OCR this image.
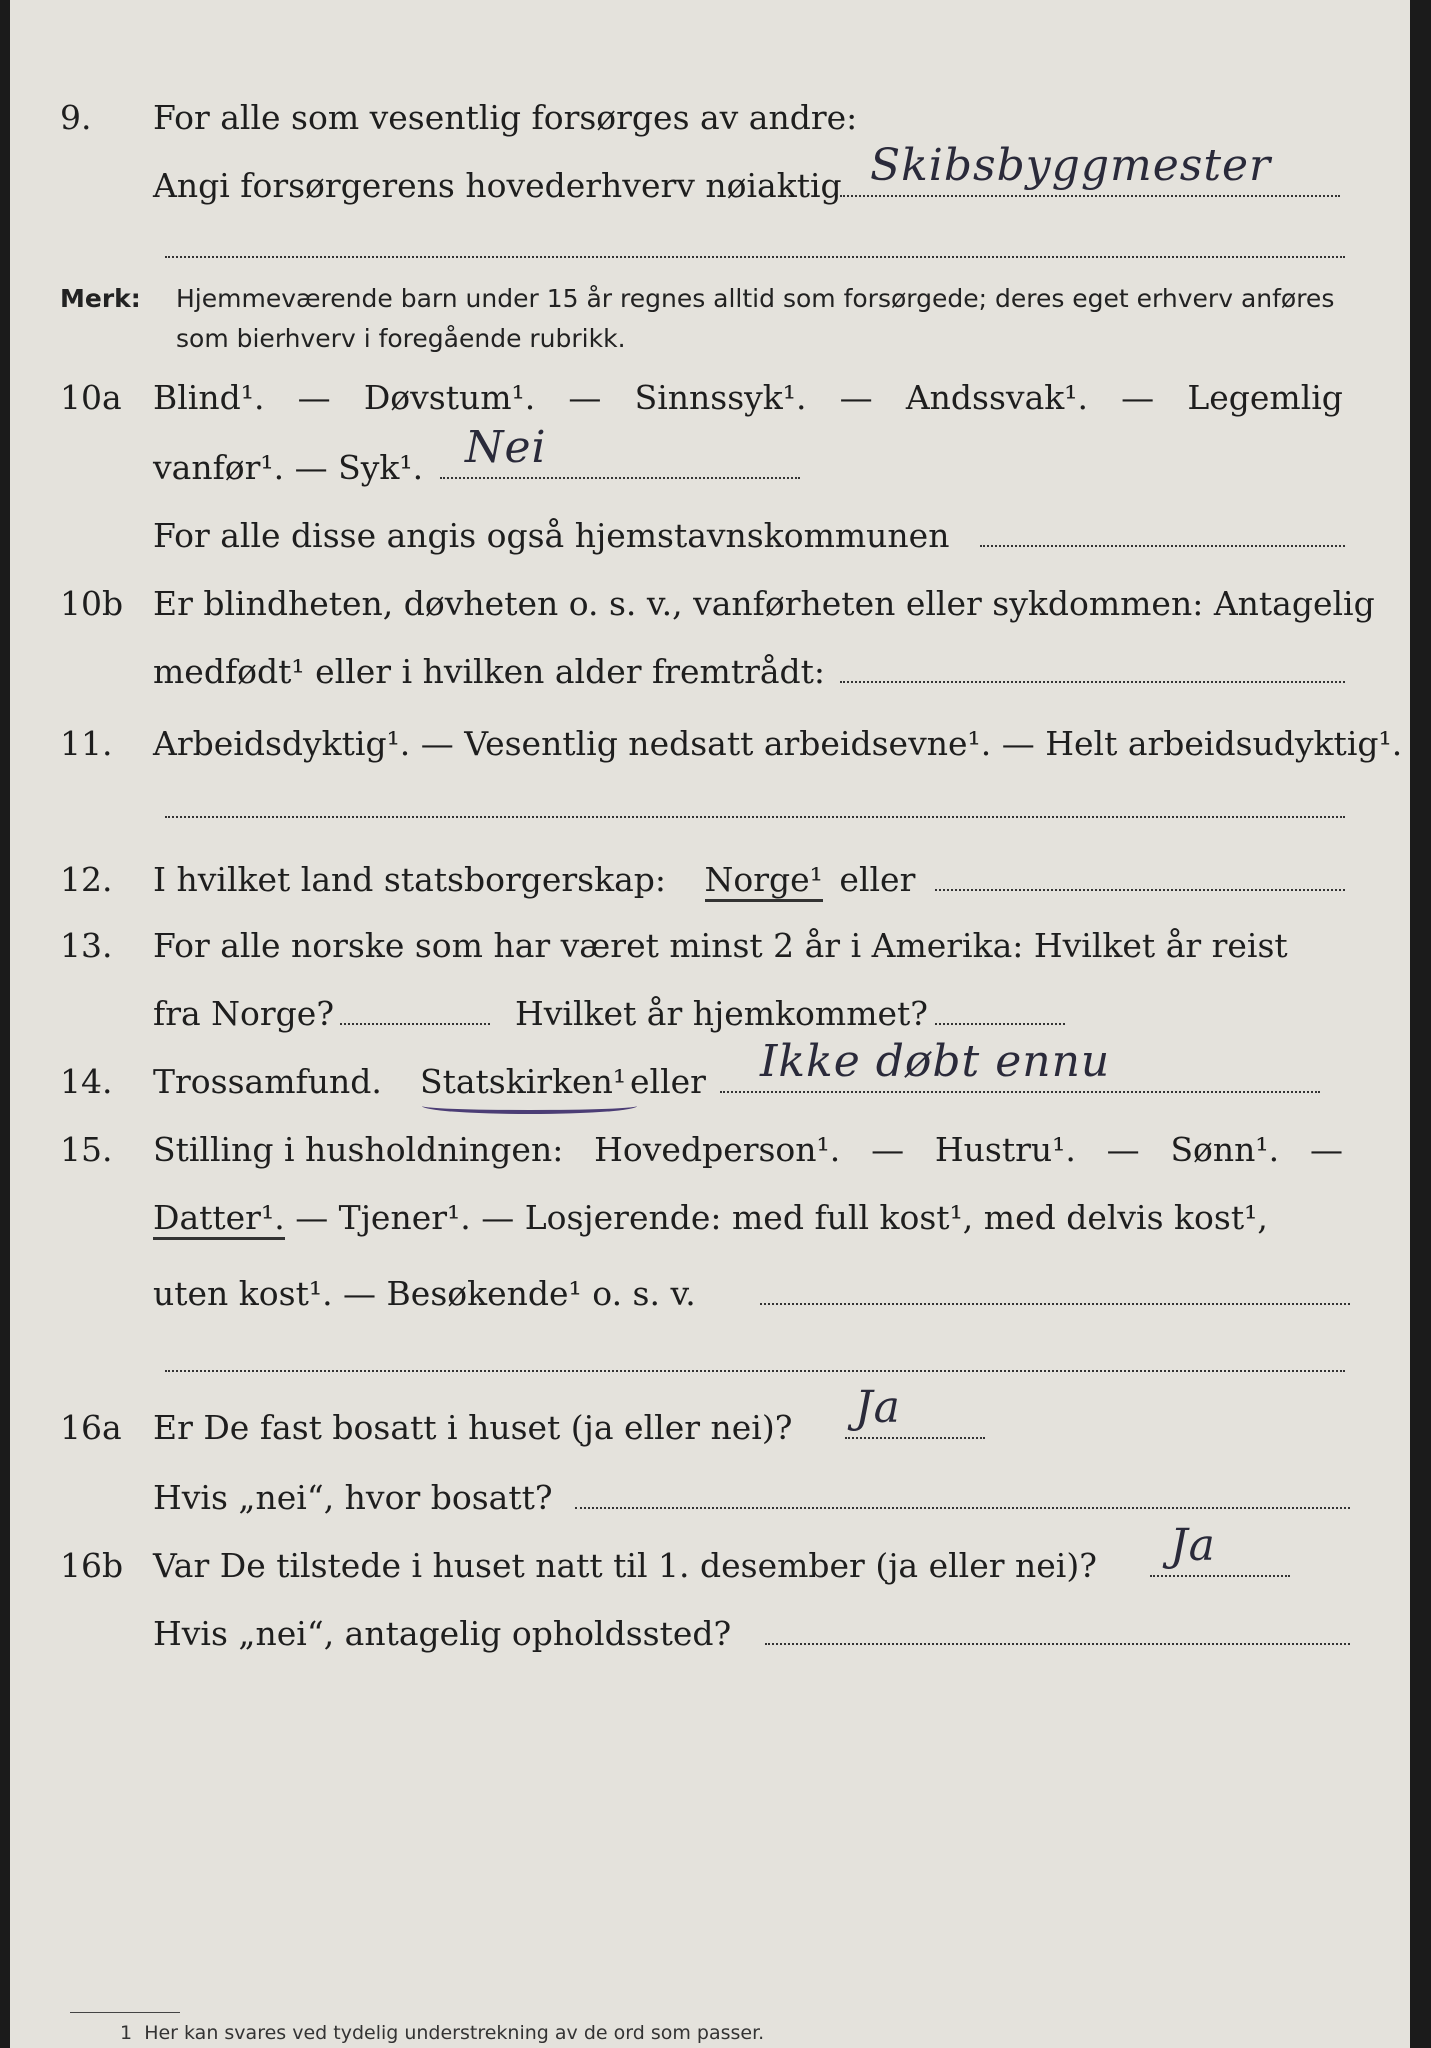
9. For alle som vesentlig forsørges av andre:
Angi forsørgerens hovederhverv nøiaktig Skibsbyggmester
Merk: Hjemmeværende barn under 15 år regnes alltid som forsørgede; deres eget erhverv anføres som bierhverv i foregående rubrikk.
10a Blind¹. — Døvstum¹. — Sinnssyk¹. — Andssvak¹. — Legemlig
vanfør¹. — Syk¹. Nei
For alle disse angis også hjemstavnskommunen
10b Er blindheten, døvheten o. s. v., vanførheten eller sykdommen: Antagelig
medfødt¹ eller i hvilken alder fremtrådt:
11. Arbeidsdyktig¹. — Vesentlig nedsatt arbeidsevne¹. — Helt arbeidsudyktig¹.
12. I hvilket land statsborgerskap: Norge¹ eller
13. For alle norske som har været minst 2 år i Amerika: Hvilket år reist
fra Norge?	Hvilket år hjemkommet?
14. Trossamfund. Statskirken¹ eller Ikke døbt ennu
15. Stilling i husholdningen: Hovedperson¹. — Hustru¹. — Sønn¹. —
Datter¹. — Tjener¹. — Losjerende: med full kost¹, med delvis kost¹,
uten kost¹. — Besøkende¹ o. s. v.
16a Er De fast bosatt i huset (ja eller nei)? Ja
Hvis „nei“, hvor bosatt?
16b Var De tilstede i huset natt til 1. desember (ja eller nei)? Ja
Hvis „nei“, antagelig opholdssted?
1 Her kan svares ved tydelig understrekning av de ord som passer.
